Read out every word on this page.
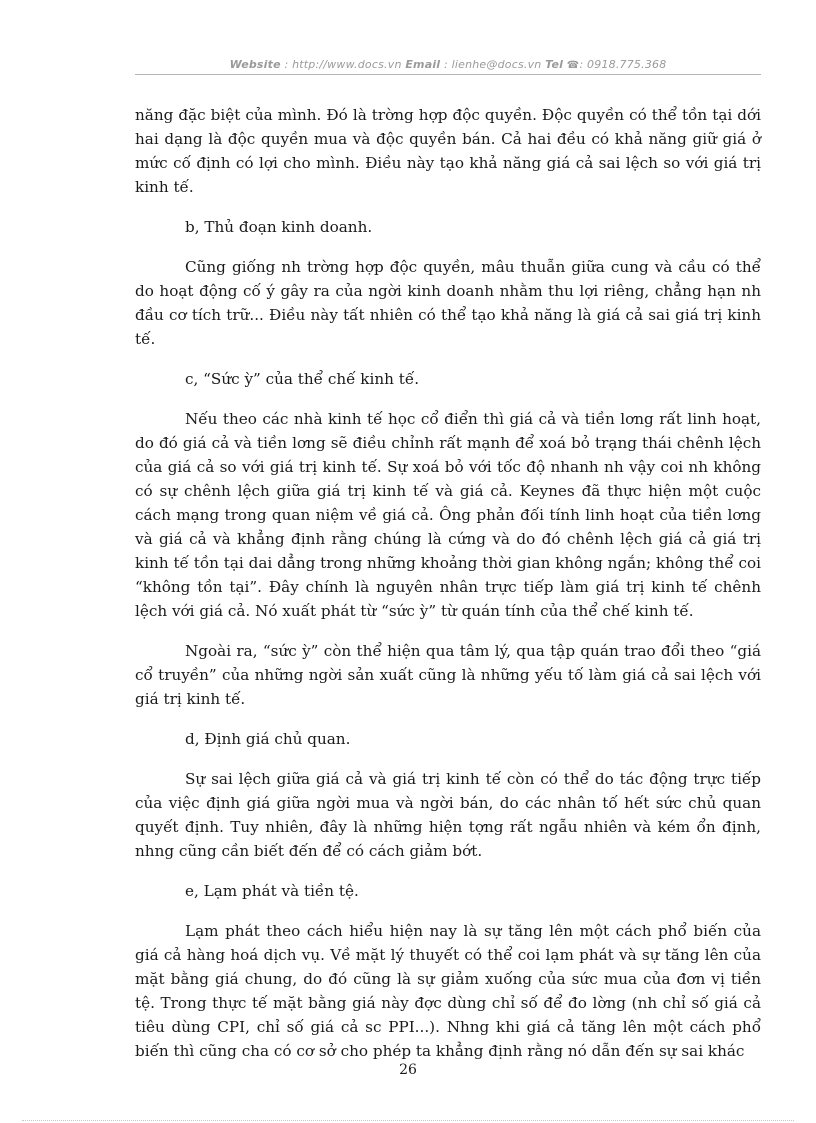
Website : http://www.docs.vn Email : lienhe@docs.vn Tel ☎: 0918.775.368

năng đặc biệt của mình. Đó là trờng hợp độc quyền. Độc quyền có thể tồn tại dới hai dạng là độc quyền mua và độc quyền bán. Cả hai đều có khả năng giữ giá ở mức cố định có lợi cho mình. Điều này tạo khả năng giá cả sai lệch so với giá trị kinh tế.

b, Thủ đoạn kinh doanh.

Cũng giống nh trờng hợp độc quyền, mâu thuẫn giữa cung và cầu có thể do hoạt động cố ý gây ra của ngời kinh doanh nhằm thu lợi riêng, chẳng hạn nh đầu cơ tích trữ... Điều này tất nhiên có thể tạo khả năng là giá cả sai giá trị kinh tế.

c, “Sức ỳ” của thể chế kinh tế.

Nếu theo các nhà kinh tế học cổ điển thì giá cả và tiền lơng rất linh hoạt, do đó giá cả và tiền lơng sẽ điều chỉnh rất mạnh để xoá bỏ trạng thái chênh lệch của giá cả so với giá trị kinh tế. Sự xoá bỏ với tốc độ nhanh nh vậy coi nh không có sự chênh lệch giữa giá trị kinh tế và giá cả. Keynes đã thực hiện một cuộc cách mạng trong quan niệm về giá cả. Ông phản đối tính linh hoạt của tiền lơng và giá cả và khẳng định rằng chúng là cứng và do đó chênh lệch giá cả giá trị kinh tế tồn tại dai dẳng trong những khoảng thời gian không ngắn; không thể coi “không tồn tại”. Đây chính là nguyên nhân trực tiếp làm giá trị kinh tế chênh lệch với giá cả. Nó xuất phát từ “sức ỳ” từ quán tính của thể chế kinh tế.

Ngoài ra, “sức ỳ” còn thể hiện qua tâm lý, qua tập quán trao đổi theo “giá cổ truyền” của những ngời sản xuất cũng là những yếu tố làm giá cả sai lệch với giá trị kinh tế.

d, Định giá chủ quan.

Sự sai lệch giữa giá cả và giá trị kinh tế còn có thể do tác động trực tiếp của việc định giá giữa ngời mua và ngời bán, do các nhân tố hết sức chủ quan quyết định. Tuy nhiên, đây là những hiện tợng rất ngẫu nhiên và kém ổn định, nhng cũng cần biết đến để có cách giảm bớt.

e, Lạm phát và tiền tệ.

Lạm phát theo cách hiểu hiện nay là sự tăng lên một cách phổ biến của giá cả hàng hoá dịch vụ. Về mặt lý thuyết có thể coi lạm phát và sự tăng lên của mặt bằng giá chung, do đó cũng là sự giảm xuống của sức mua của đơn vị tiền tệ. Trong thực tế mặt bằng giá này đợc dùng chỉ số để đo lờng (nh chỉ số giá cả tiêu dùng CPI, chỉ số giá cả sc PPI...). Nhng khi giá cả tăng lên một cách phổ biến thì cũng cha có cơ sở cho phép ta khẳng định rằng nó dẫn đến sự sai khác

26
